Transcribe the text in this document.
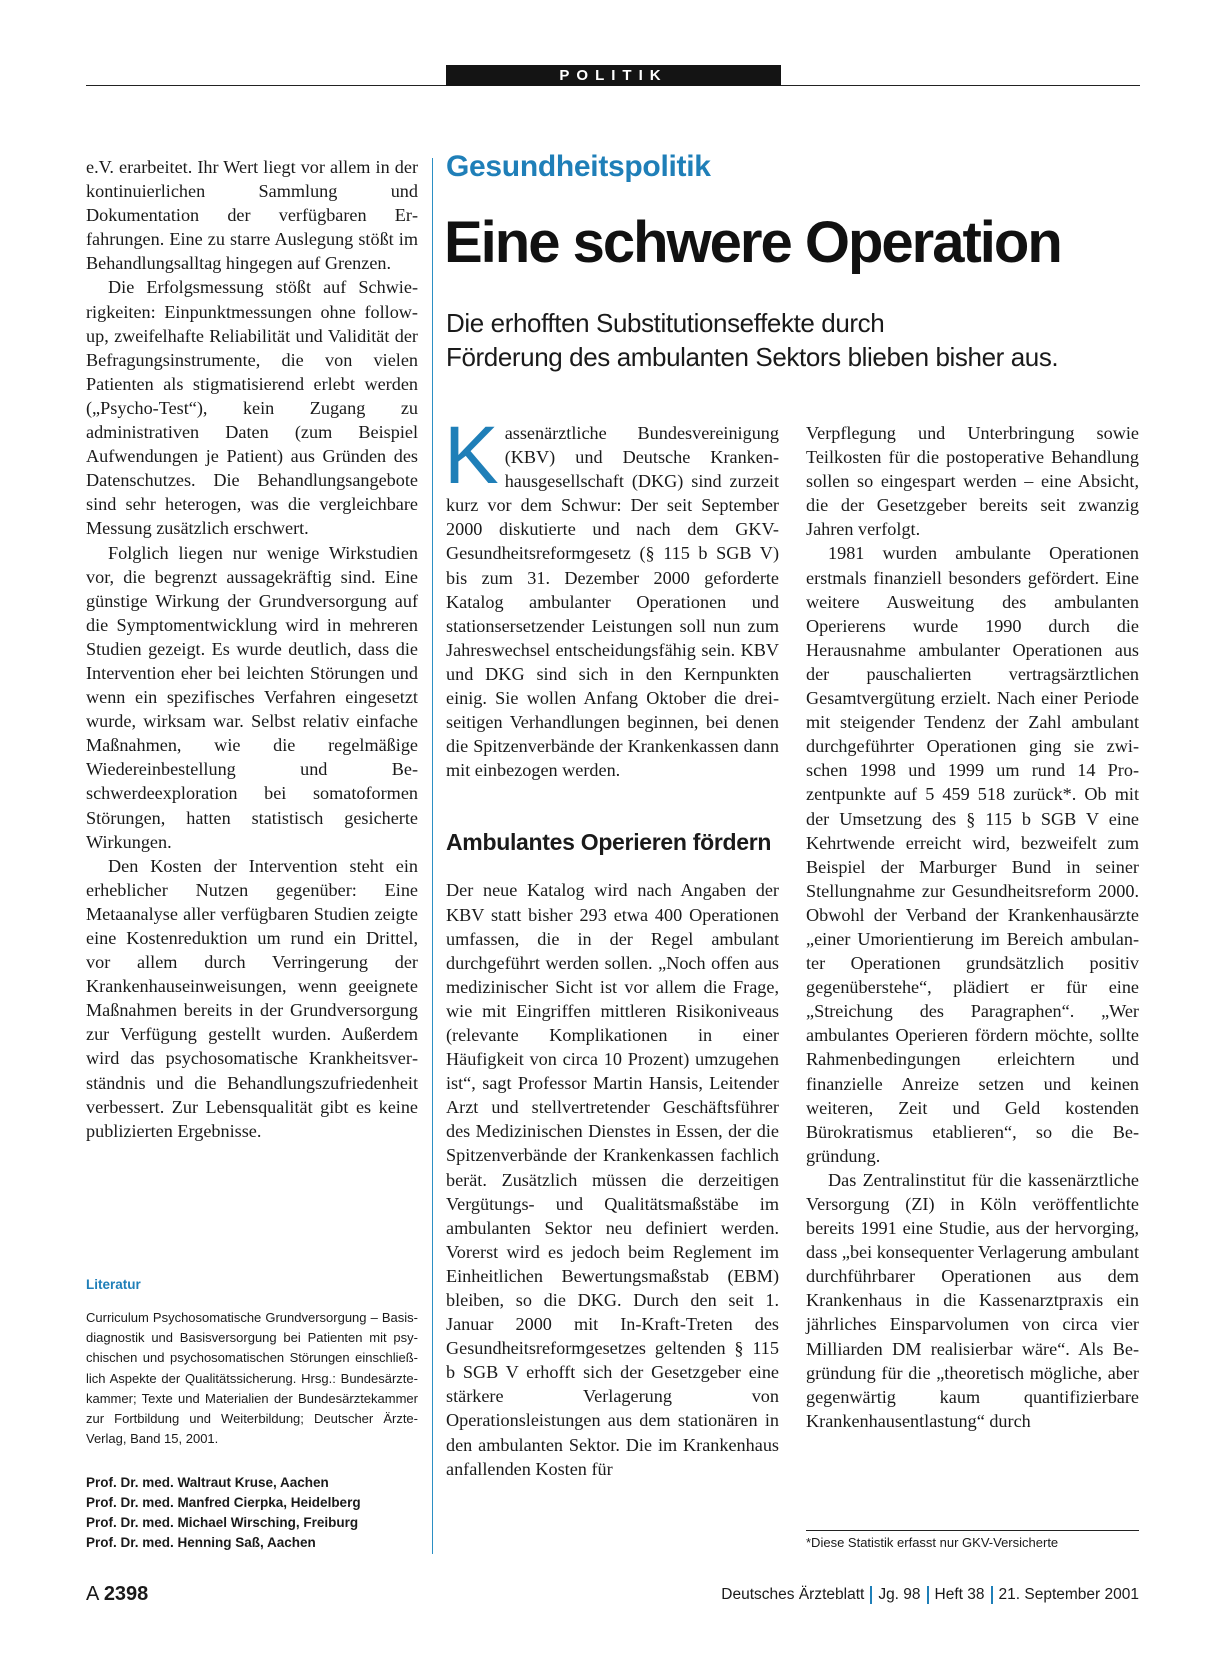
POLITIK

e.V. erarbeitet. Ihr Wert liegt vor allem in der kontinuierlichen Sammlung und Dokumentation der verfügbaren Erfahrungen. Eine zu starre Auslegung stößt im Behandlungsalltag hingegen auf Grenzen.

Die Erfolgsmessung stößt auf Schwierigkeiten: Einpunktmessungen ohne follow-up, zweifelhafte Reliabilität und Validität der Befragungsinstrumente, die von vielen Patienten als stigmatisierend erlebt werden („Psycho-Test“), kein Zugang zu administrativen Daten (zum Beispiel Aufwendungen je Patient) aus Gründen des Datenschutzes. Die Behandlungsangebote sind sehr heterogen, was die vergleichbare Messung zusätzlich erschwert.

Folglich liegen nur wenige Wirkstudien vor, die begrenzt aussagekräftig sind. Eine günstige Wirkung der Grundversorgung auf die Symptomentwicklung wird in mehreren Studien gezeigt. Es wurde deutlich, dass die Intervention eher bei leichten Störungen und wenn ein spezifisches Verfahren eingesetzt wurde, wirksam war. Selbst relativ einfache Maßnahmen, wie die regelmäßige Wiedereinbestellung und Beschwerdeexploration bei somatoformen Störungen, hatten statistisch gesicherte Wirkungen.

Den Kosten der Intervention steht ein erheblicher Nutzen gegenüber: Eine Metaanalyse aller verfügbaren Studien zeigte eine Kostenreduktion um rund ein Drittel, vor allem durch Verringerung der Krankenhauseinweisungen, wenn geeignete Maßnahmen bereits in der Grundversorgung zur Verfügung gestellt wurden. Außerdem wird das psychosomatische Krankheitsverständnis und die Behandlungszufriedenheit verbessert. Zur Lebensqualität gibt es keine publizierten Ergebnisse.

Literatur

Curriculum Psychosomatische Grundversorgung – Basisdiagnostik und Basisversorgung bei Patienten mit psychischen und psychosomatischen Störungen einschließlich Aspekte der Qualitätssicherung. Hrsg.: Bundesärztekammer; Texte und Materialien der Bundesärztekammer zur Fortbildung und Weiterbildung; Deutscher Ärzte-Verlag, Band 15, 2001.

Prof. Dr. med. Waltraut Kruse, Aachen
Prof. Dr. med. Manfred Cierpka, Heidelberg
Prof. Dr. med. Michael Wirsching, Freiburg
Prof. Dr. med. Henning Saß, Aachen
Gesundheitspolitik
Eine schwere Operation
Die erhofften Substitutionseffekte durch
Förderung des ambulanten Sektors blieben bisher aus.

Kassenärztliche Bundesvereinigung (KBV) und Deutsche Krankenhausgesellschaft (DKG) sind zurzeit kurz vor dem Schwur: Der seit September 2000 diskutierte und nach dem GKV-Gesundheitsreformgesetz (§ 115 b SGB V) bis zum 31. Dezember 2000 geforderte Katalog ambulanter Operationen und stationsersetzender Leistungen soll nun zum Jahreswechsel entscheidungsfähig sein. KBV und DKG sind sich in den Kernpunkten einig. Sie wollen Anfang Oktober die dreiseitigen Verhandlungen beginnen, bei denen die Spitzenverbände der Krankenkassen dann mit einbezogen werden.

Ambulantes Operieren fördern

Der neue Katalog wird nach Angaben der KBV statt bisher 293 etwa 400 Operationen umfassen, die in der Regel ambulant durchgeführt werden sollen. „Noch offen aus medizinischer Sicht ist vor allem die Frage, wie mit Eingriffen mittleren Risikoniveaus (relevante Komplikationen in einer Häufigkeit von circa 10 Prozent) umzugehen ist“, sagt Professor Martin Hansis, Leitender Arzt und stellvertretender Geschäftsführer des Medizinischen Dienstes in Essen, der die Spitzenverbände der Krankenkassen fachlich berät. Zusätzlich müssen die derzeitigen Vergütungs- und Qualitätsmaßstäbe im ambulanten Sektor neu definiert werden. Vorerst wird es jedoch beim Reglement im Einheitlichen Bewertungsmaßstab (EBM) bleiben, so die DKG. Durch den seit 1. Januar 2000 mit In-Kraft-Treten des Gesundheitsreformgesetzes geltenden § 115 b SGB V erhofft sich der Gesetzgeber eine stärkere Verlagerung von Operationsleistungen aus dem stationären in den ambulanten Sektor. Die im Krankenhaus anfallenden Kosten für

Verpflegung und Unterbringung sowie Teilkosten für die postoperative Behandlung sollen so eingespart werden – eine Absicht, die der Gesetzgeber bereits seit zwanzig Jahren verfolgt.

1981 wurden ambulante Operationen erstmals finanziell besonders gefördert. Eine weitere Ausweitung des ambulanten Operierens wurde 1990 durch die Herausnahme ambulanter Operationen aus der pauschalierten vertragsärztlichen Gesamtvergütung erzielt. Nach einer Periode mit steigender Tendenz der Zahl ambulant durchgeführter Operationen ging sie zwischen 1998 und 1999 um rund 14 Prozentpunkte auf 5 459 518 zurück*. Ob mit der Umsetzung des § 115 b SGB V eine Kehrtwende erreicht wird, bezweifelt zum Beispiel der Marburger Bund in seiner Stellungnahme zur Gesundheitsreform 2000. Obwohl der Verband der Krankenhausärzte „einer Umorientierung im Bereich ambulanter Operationen grundsätzlich positiv gegenüberstehe“, plädiert er für eine „Streichung des Paragraphen“. „Wer ambulantes Operieren fördern möchte, sollte Rahmenbedingungen erleichtern und finanzielle Anreize setzen und keinen weiteren, Zeit und Geld kostenden Bürokratismus etablieren“, so die Begründung.

Das Zentralinstitut für die kassenärztliche Versorgung (ZI) in Köln veröffentlichte bereits 1991 eine Studie, aus der hervorging, dass „bei konsequenter Verlagerung ambulant durchführbarer Operationen aus dem Krankenhaus in die Kassenarztpraxis ein jährliches Einsparvolumen von circa vier Milliarden DM realisierbar wäre“. Als Begründung für die „theoretisch mögliche, aber gegenwärtig kaum quantifizierbare Krankenhausentlastung“ durch

*Diese Statistik erfasst nur GKV-Versicherte
A 2398	Deutsches Ärzteblatt Jg. 98 Heft 38 21. September 2001
